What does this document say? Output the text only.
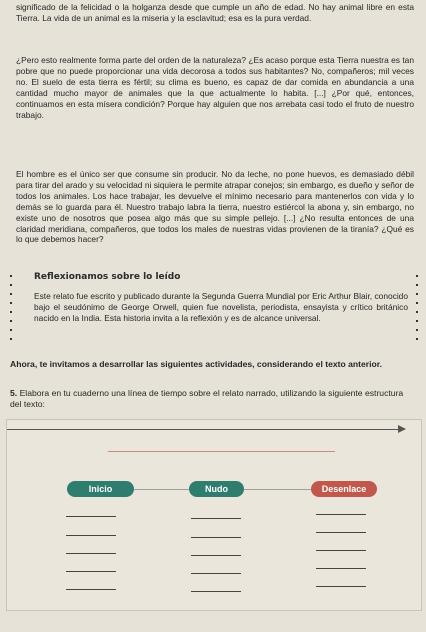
significado de la felicidad o la holganza desde que cumple un año de edad. No hay animal libre en esta Tierra. La vida de un animal es la miseria y la esclavitud; esa es la pura verdad.

¿Pero esto realmente forma parte del orden de la naturaleza? ¿Es acaso porque esta Tierra nuestra es tan pobre que no puede proporcionar una vida decorosa a todos sus habitantes? No, compañeros; mil veces no. El suelo de esta tierra es fértil; su clima es bueno, es capaz de dar comida en abundancia a una cantidad mucho mayor de animales que la que actualmente lo habita. [...] ¿Por qué, entonces, continuamos en esta mísera condición? Porque hay alguien que nos arrebata casi todo el fruto de nuestro trabajo.

El hombre es el único ser que consume sin producir. No da leche, no pone huevos, es demasiado débil para tirar del arado y su velocidad ni siquiera le permite atrapar conejos; sin embargo, es dueño y señor de todos los animales. Los hace trabajar, les devuelve el mínimo necesario para mantenerlos con vida y lo demás se lo guarda para él. Nuestro trabajo labra la tierra, nuestro estiércol la abona y, sin embargo, no existe uno de nosotros que posea algo más que su simple pellejo. [...] ¿No resulta entonces de una claridad meridiana, compañeros, que todos los males de nuestras vidas provienen de la tiranía? ¿Qué es lo que debemos hacer?

Reflexionamos sobre lo leído

Este relato fue escrito y publicado durante la Segunda Guerra Mundial por Eric Arthur Blair, conocido bajo el seudónimo de George Orwell, quien fue novelista, periodista, ensayista y crítico británico nacido en la India. Esta historia invita a la reflexión y es de alcance universal.

Ahora, te invitamos a desarrollar las siguientes actividades, considerando el texto anterior.

5. Elabora en tu cuaderno una línea de tiempo sobre el relato narrado, utilizando la siguiente estructura del texto:

Inicio	Nudo	Desenlace
